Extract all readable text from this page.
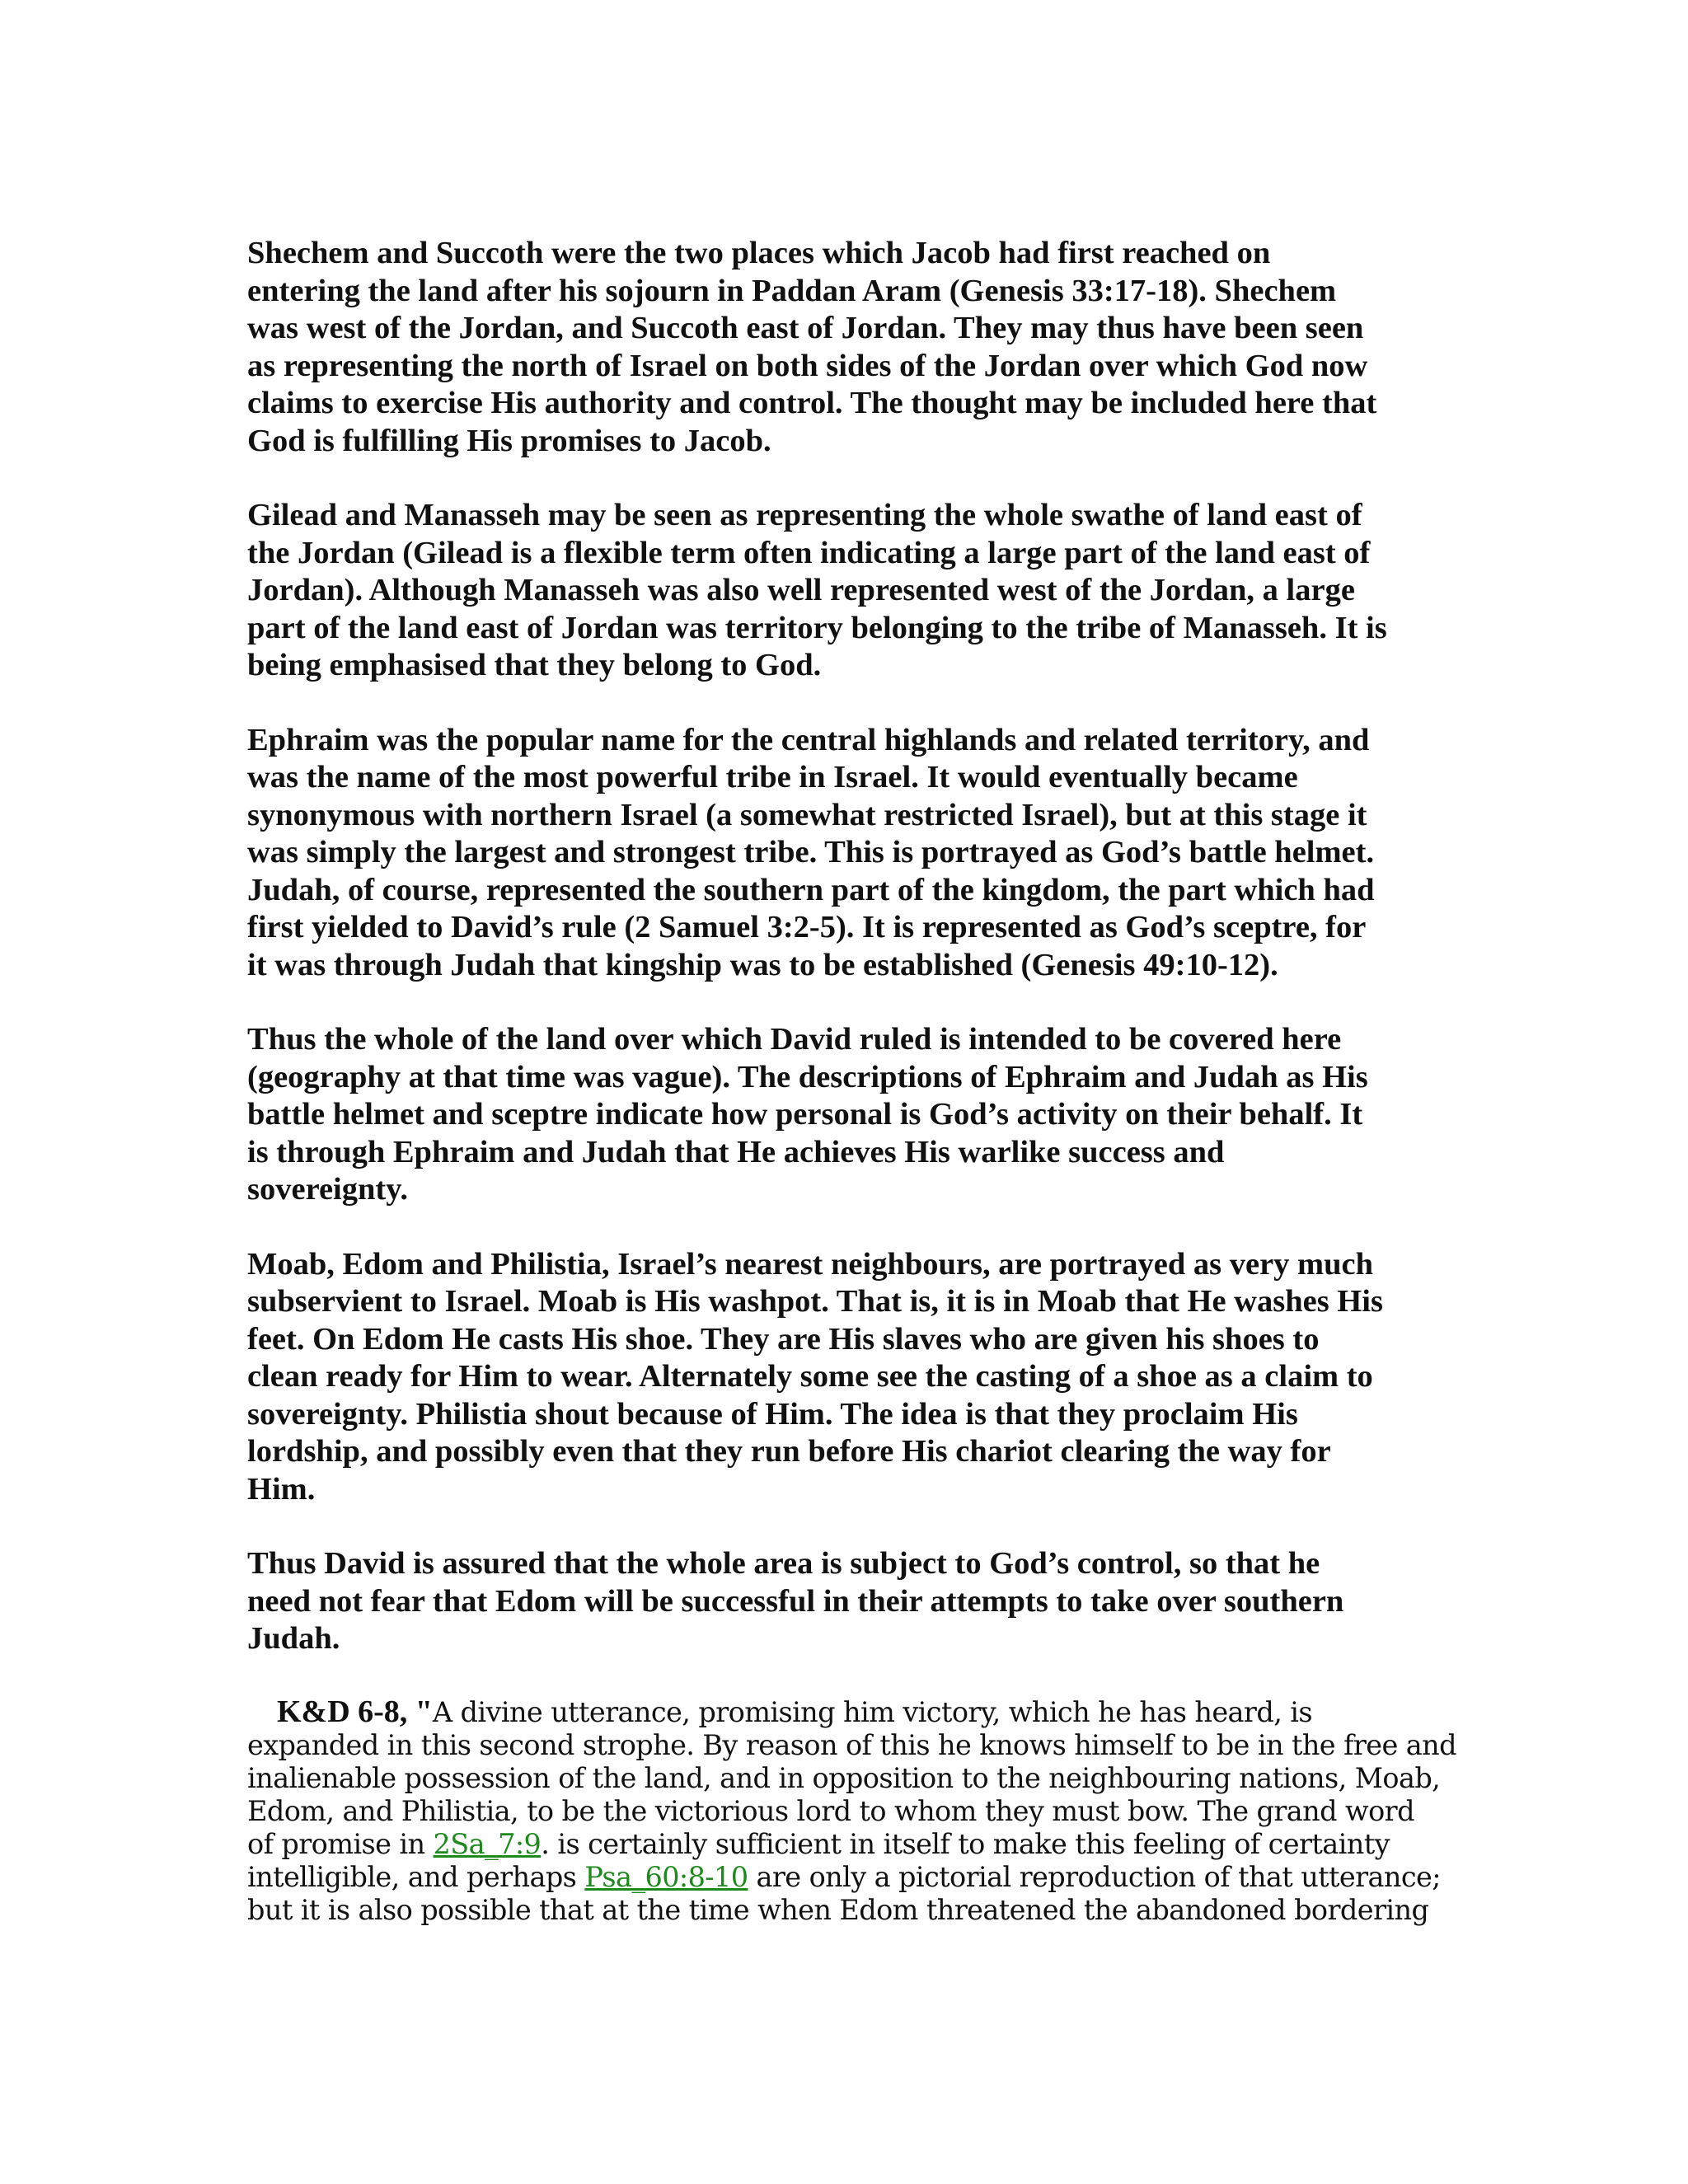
Shechem and Succoth were the two places which Jacob had first reached on
entering the land after his sojourn in Paddan Aram (Genesis 33:17-18). Shechem
was west of the Jordan, and Succoth east of Jordan. They may thus have been seen
as representing the north of Israel on both sides of the Jordan over which God now
claims to exercise His authority and control. The thought may be included here that
God is fulfilling His promises to Jacob.
Gilead and Manasseh may be seen as representing the whole swathe of land east of
the Jordan (Gilead is a flexible term often indicating a large part of the land east of
Jordan). Although Manasseh was also well represented west of the Jordan, a large
part of the land east of Jordan was territory belonging to the tribe of Manasseh. It is
being emphasised that they belong to God.
Ephraim was the popular name for the central highlands and related territory, and
was the name of the most powerful tribe in Israel. It would eventually became
synonymous with northern Israel (a somewhat restricted Israel), but at this stage it
was simply the largest and strongest tribe. This is portrayed as God’s battle helmet.
Judah, of course, represented the southern part of the kingdom, the part which had
first yielded to David’s rule (2 Samuel 3:2-5). It is represented as God’s sceptre, for
it was through Judah that kingship was to be established (Genesis 49:10-12).
Thus the whole of the land over which David ruled is intended to be covered here
(geography at that time was vague). The descriptions of Ephraim and Judah as His
battle helmet and sceptre indicate how personal is God’s activity on their behalf. It
is through Ephraim and Judah that He achieves His warlike success and
sovereignty.
Moab, Edom and Philistia, Israel’s nearest neighbours, are portrayed as very much
subservient to Israel. Moab is His washpot. That is, it is in Moab that He washes His
feet. On Edom He casts His shoe. They are His slaves who are given his shoes to
clean ready for Him to wear. Alternately some see the casting of a shoe as a claim to
sovereignty. Philistia shout because of Him. The idea is that they proclaim His
lordship, and possibly even that they run before His chariot clearing the way for
Him.
Thus David is assured that the whole area is subject to God’s control, so that he
need not fear that Edom will be successful in their attempts to take over southern
Judah.
K&D 6-8, "A divine utterance, promising him victory, which he has heard, is
expanded in this second strophe. By reason of this he knows himself to be in the free and
inalienable possession of the land, and in opposition to the neighbouring nations, Moab,
Edom, and Philistia, to be the victorious lord to whom they must bow. The grand word
of promise in 2Sa_7:9. is certainly sufficient in itself to make this feeling of certainty
intelligible, and perhaps Psa_60:8-10 are only a pictorial reproduction of that utterance;
but it is also possible that at the time when Edom threatened the abandoned bordering
